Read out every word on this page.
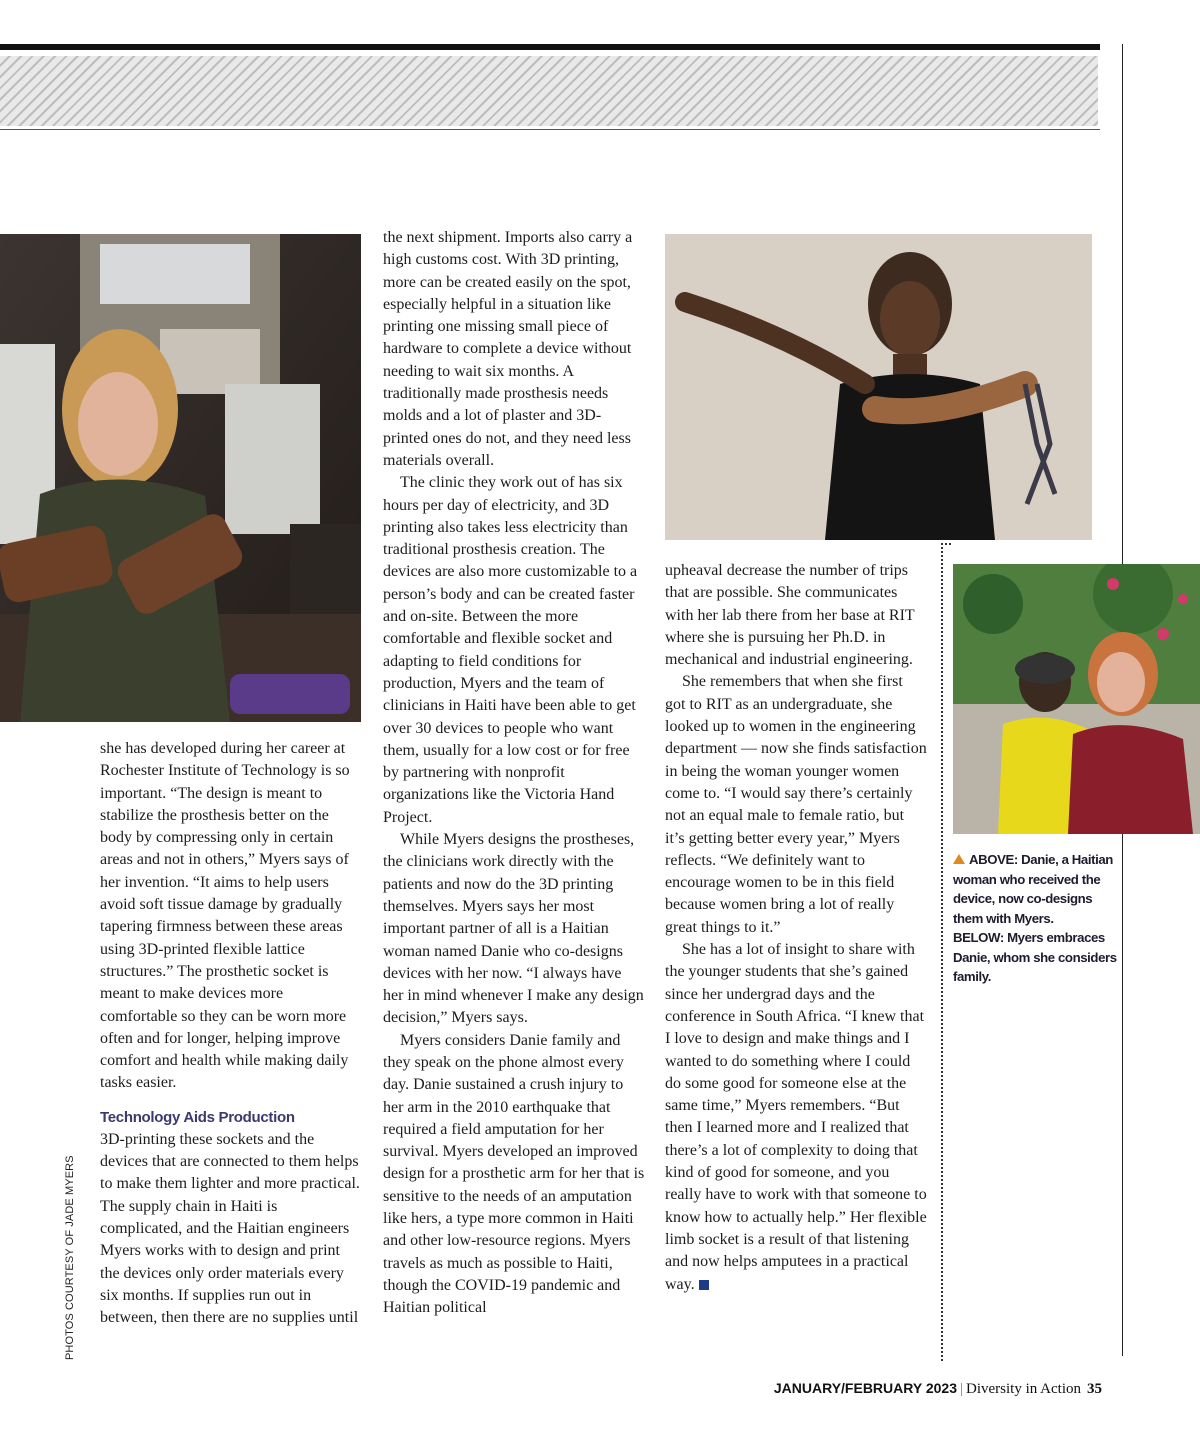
she has developed during her career at Rochester Institute of Technology is so important. “The design is meant to stabilize the prosthesis better on the body by compressing only in certain areas and not in others,” Myers says of her invention. “It aims to help users avoid soft tissue damage by gradually tapering firmness between these areas using 3D-printed flexible lattice structures.” The prosthetic socket is meant to make devices more comfortable so they can be worn more often and for longer, helping improve comfort and health while making daily tasks easier.

Technology Aids Production

3D-printing these sockets and the devices that are connected to them helps to make them lighter and more practical. The supply chain in Haiti is complicated, and the Haitian engineers Myers works with to design and print the devices only order materials every six months. If supplies run out in between, then there are no supplies until

the next shipment. Imports also carry a high customs cost. With 3D printing, more can be created easily on the spot, especially helpful in a situation like printing one missing small piece of hardware to complete a device without needing to wait six months. A traditionally made prosthesis needs molds and a lot of plaster and 3D-printed ones do not, and they need less materials overall.

The clinic they work out of has six hours per day of electricity, and 3D printing also takes less electricity than traditional prosthesis creation. The devices are also more customizable to a person’s body and can be created faster and on-site. Between the more comfortable and flexible socket and adapting to field conditions for production, Myers and the team of clinicians in Haiti have been able to get over 30 devices to people who want them, usually for a low cost or for free by partnering with nonprofit organizations like the Victoria Hand Project.

While Myers designs the prostheses, the clinicians work directly with the patients and now do the 3D printing themselves. Myers says her most important partner of all is a Haitian woman named Danie who co-designs devices with her now. “I always have her in mind whenever I make any design decision,” Myers says.

Myers considers Danie family and they speak on the phone almost every day. Danie sustained a crush injury to her arm in the 2010 earthquake that required a field amputation for her survival. Myers developed an improved design for a prosthetic arm for her that is sensitive to the needs of an amputation like hers, a type more common in Haiti and other low-resource regions. Myers travels as much as possible to Haiti, though the COVID-19 pandemic and Haitian political

upheaval decrease the number of trips that are possible. She communicates with her lab there from her base at RIT where she is pursuing her Ph.D. in mechanical and industrial engineering.

She remembers that when she first got to RIT as an undergraduate, she looked up to women in the engineering department — now she finds satisfaction in being the woman younger women come to. “I would say there’s certainly not an equal male to female ratio, but it’s getting better every year,” Myers reflects. “We definitely want to encourage women to be in this field because women bring a lot of really great things to it.”

She has a lot of insight to share with the younger students that she’s gained since her undergrad days and the conference in South Africa. “I knew that I love to design and make things and I wanted to do something where I could do some good for someone else at the same time,” Myers remembers. “But then I learned more and I realized that there’s a lot of complexity to doing that kind of good for someone, and you really have to work with that someone to know how to actually help.” Her flexible limb socket is a result of that listening and now helps amputees in a practical way.

ABOVE: Danie, a Haitian woman who received the device, now co-designs them with Myers.
BELOW: Myers embraces Danie, whom she considers family.
PHOTOS COURTESY OF JADE MYERS
JANUARY/FEBRUARY 2023 | Diversity in Action 35
